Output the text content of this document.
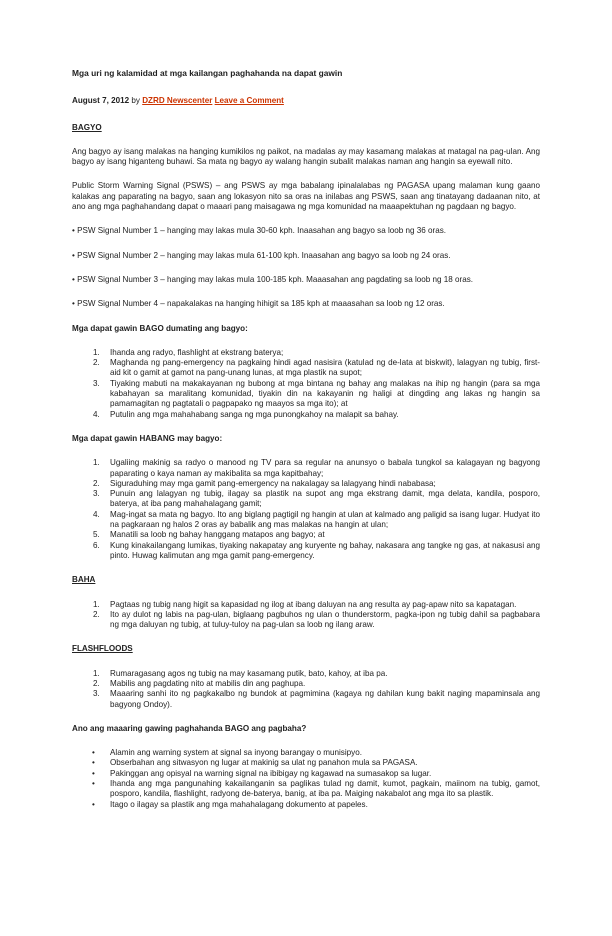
Mga uri ng kalamidad at mga kailangan paghahanda na dapat gawin
August 7, 2012 by DZRD Newscenter Leave a Comment
BAGYO

Ang bagyo ay isang malakas na hanging kumikilos ng paikot, na madalas ay may kasamang malakas at matagal na pag-ulan. Ang bagyo ay isang higanteng buhawi. Sa mata ng bagyo ay walang hangin subalit malakas naman ang hangin sa eyewall nito.

Public Storm Warning Signal (PSWS) – ang PSWS ay mga babalang ipinalalabas ng PAGASA upang malaman kung gaano kalakas ang paparating na bagyo, saan ang lokasyon nito sa oras na inilabas ang PSWS, saan ang tinatayang dadaanan nito, at ano ang mga paghahandang dapat o maaari pang maisagawa ng mga komunidad na maaapektuhan ng pagdaan ng bagyo.

• PSW Signal Number 1 – hanging may lakas mula 30-60 kph. Inaasahan ang bagyo sa loob ng 36 oras.

• PSW Signal Number 2 – hanging may lakas mula 61-100 kph. Inaasahan ang bagyo sa loob ng 24 oras.

• PSW Signal Number 3 – hanging may lakas mula 100-185 kph. Maaasahan ang pagdating sa loob ng 18 oras.

• PSW Signal Number 4 – napakalakas na hanging hihigit sa 185 kph at maaasahan sa loob ng 12 oras.

Mga dapat gawin BAGO dumating ang bagyo:
1. Ihanda ang radyo, flashlight at ekstrang baterya;
2. Maghanda ng pang-emergency na pagkaing hindi agad nasisira (katulad ng de-lata at biskwit), lalagyan ng tubig, first-aid kit o gamit at gamot na pang-unang lunas, at mga plastik na supot;
3. Tiyaking mabuti na makakayanan ng bubong at mga bintana ng bahay ang malakas na ihip ng hangin (para sa mga kabahayan sa maralitang komunidad, tiyakin din na kakayanin ng haligi at dingding ang lakas ng hangin sa pamamagitan ng pagtatali o pagpapako ng maayos sa mga ito); at
4. Putulin ang mga mahahabang sanga ng mga punongkahoy na malapit sa bahay.
Mga dapat gawin HABANG may bagyo:
1. Ugaliing makinig sa radyo o manood ng TV para sa regular na anunsyo o babala tungkol sa kalagayan ng bagyong paparating o kaya naman ay makibalita sa mga kapitbahay;
2. Siguraduhing may mga gamit pang-emergency na nakalagay sa lalagyang hindi nababasa;
3. Punuin ang lalagyan ng tubig, ilagay sa plastik na supot ang mga ekstrang damit, mga delata, kandila, posporo, baterya, at iba pang mahahalagang gamit;
4. Mag-ingat sa mata ng bagyo. Ito ang biglang pagtigil ng hangin at ulan at kalmado ang paligid sa isang lugar. Hudyat ito na pagkaraan ng halos 2 oras ay babalik ang mas malakas na hangin at ulan;
5. Manatili sa loob ng bahay hanggang matapos ang bagyo; at
6. Kung kinakailangang lumikas, tiyaking nakapatay ang kuryente ng bahay, nakasara ang tangke ng gas, at nakasusi ang pinto. Huwag kalimutan ang mga gamit pang-emergency.
BAHA
1. Pagtaas ng tubig nang higit sa kapasidad ng ilog at ibang daluyan na ang resulta ay pag-apaw nito sa kapatagan.
2. Ito ay dulot ng labis na pag-ulan, biglaang pagbuhos ng ulan o thunderstorm, pagka-ipon ng tubig dahil sa pagbabara ng mga daluyan ng tubig, at tuluy-tuloy na pag-ulan sa loob ng ilang araw.
FLASHFLOODS
1. Rumaragasang agos ng tubig na may kasamang putik, bato, kahoy, at iba pa.
2. Mabilis ang pagdating nito at mabilis din ang paghupa.
3. Maaaring sanhi ito ng pagkakalbo ng bundok at pagmimina (kagaya ng dahilan kung bakit naging mapaminsala ang bagyong Ondoy).
Ano ang maaaring gawing paghahanda BAGO ang pagbaha?
• Alamin ang warning system at signal sa inyong barangay o munisipyo.
• Obserbahan ang sitwasyon ng lugar at makinig sa ulat ng panahon mula sa PAGASA.
• Pakinggan ang opisyal na warning signal na ibibigay ng kagawad na sumasakop sa lugar.
• Ihanda ang mga pangunahing kakailanganin sa paglikas tulad ng damit, kumot, pagkain, maiinom na tubig, gamot, posporo, kandila, flashlight, radyong de-baterya, banig, at iba pa. Maiging nakabalot ang mga ito sa plastik.
• Itago o ilagay sa plastik ang mga mahahalagang dokumento at papeles.
